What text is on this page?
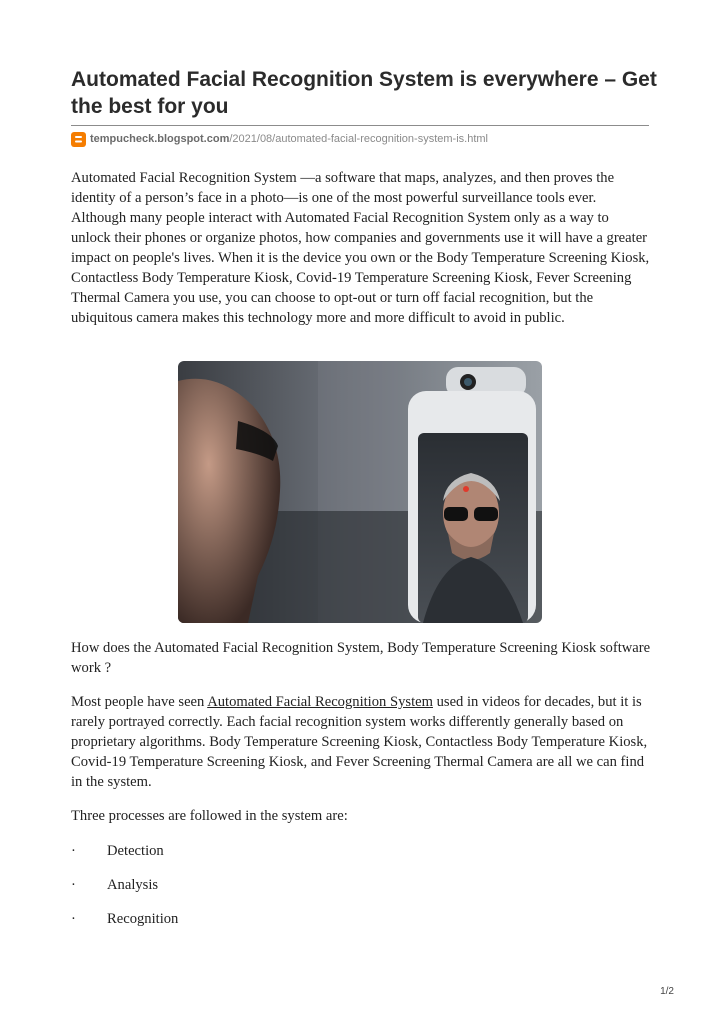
Automated Facial Recognition System is everywhere – Get the best for you
tempucheck.blogspot.com /2021/08/automated-facial-recognition-system-is.html

Automated Facial Recognition System —a software that maps, analyzes, and then proves the identity of a person’s face in a photo—is one of the most powerful surveillance tools ever. Although many people interact with Automated Facial Recognition System only as a way to unlock their phones or organize photos, how companies and governments use it will have a greater impact on people's lives. When it is the device you own or the Body Temperature Screening Kiosk, Contactless Body Temperature Kiosk, Covid-19 Temperature Screening Kiosk, Fever Screening Thermal Camera you use, you can choose to opt-out or turn off facial recognition, but the ubiquitous camera makes this technology more and more difficult to avoid in public.

How does the Automated Facial Recognition System, Body Temperature Screening Kiosk software work ?

Most people have seen Automated Facial Recognition System used in videos for decades, but it is rarely portrayed correctly. Each facial recognition system works differently generally based on proprietary algorithms. Body Temperature Screening Kiosk, Contactless Body Temperature Kiosk, Covid-19 Temperature Screening Kiosk, and Fever Screening Thermal Camera are all we can find in the system.

Three processes are followed in the system are:

·	Detection
·	Analysis
·	Recognition
1/2
